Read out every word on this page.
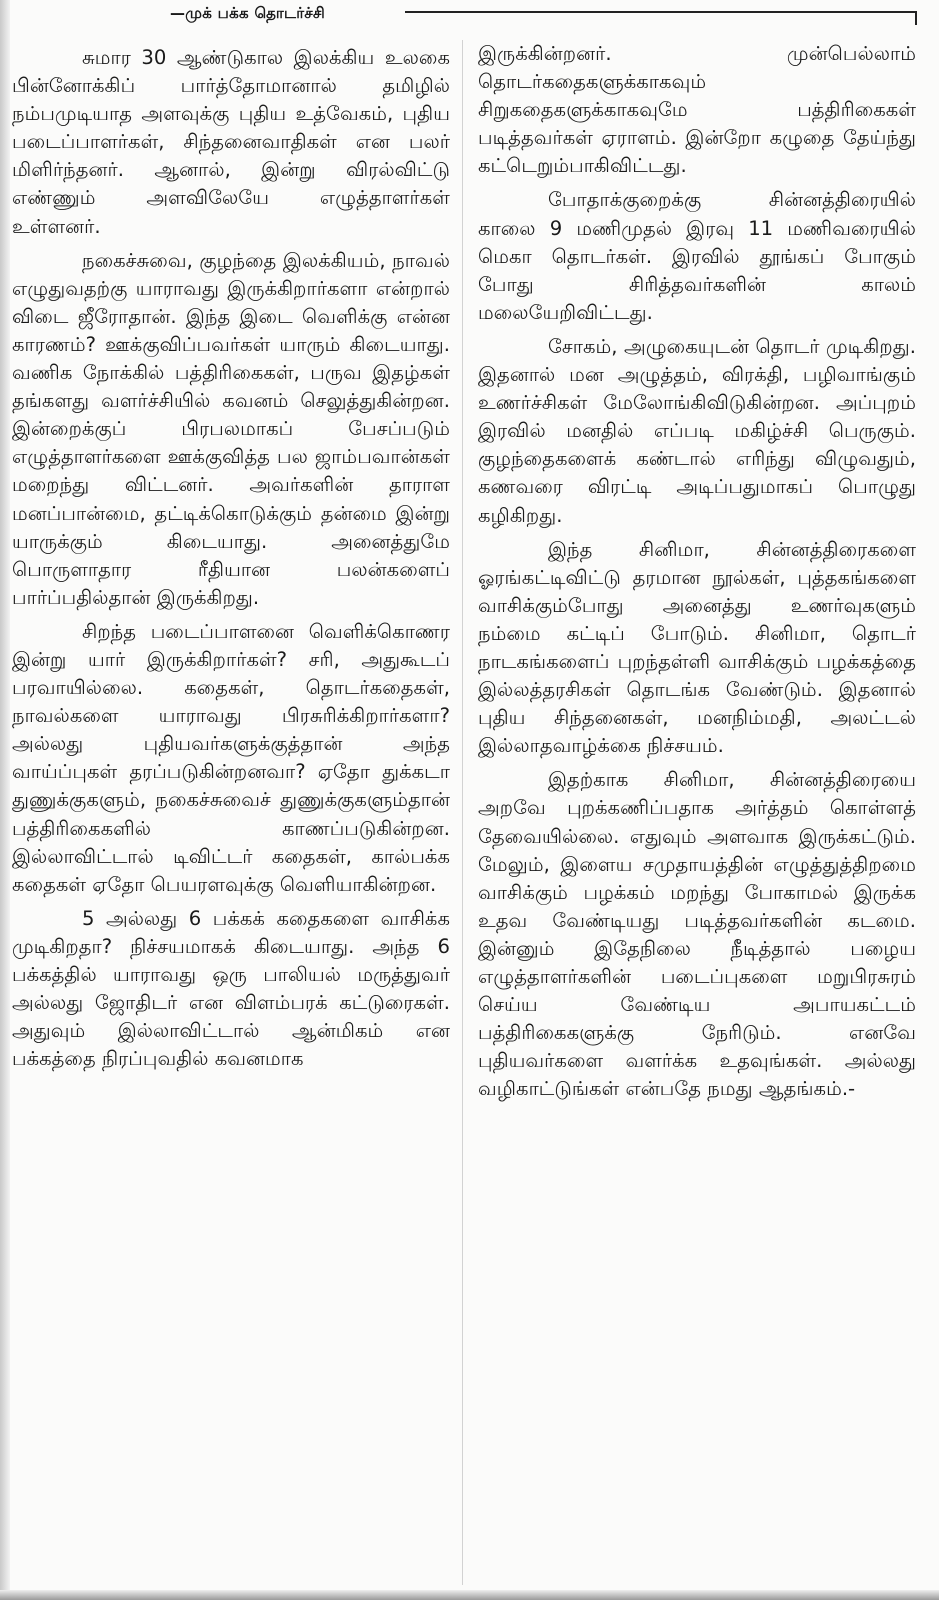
—முக் பக்க தொடர்ச்சி

சுமார 30 ஆண்டுகால இலக்கிய உலகை பின்னோக்கிப் பார்த்தோமானால் தமிழில் நம்பமுடியாத அளவுக்கு புதிய உத்வேகம், புதிய படைப்பாளர்கள், சிந்தனைவாதிகள் என பலர் மிளிர்ந்தனர். ஆனால், இன்று விரல்விட்டு எண்ணும் அளவிலேயே எழுத்தாளர்கள் உள்ளனர்.

நகைச்சுவை, குழந்தை இலக்கியம், நாவல் எழுதுவதற்கு யாராவது இருக்கிறார்களா என்றால் விடை ஜீரோதான். இந்த இடை வெளிக்கு என்ன காரணம்? ஊக்குவிப்பவர்கள் யாரும் கிடையாது. வணிக நோக்கில் பத்திரிகைகள், பருவ இதழ்கள் தங்களது வளர்ச்சியில் கவனம் செலுத்துகின்றன. இன்றைக்குப் பிரபலமாகப் பேசப்படும் எழுத்தாளர்களை ஊக்குவித்த பல ஜாம்பவான்கள் மறைந்து விட்டனர். அவர்களின் தாராள மனப்பான்மை, தட்டிக்கொடுக்கும் தன்மை இன்று யாருக்கும் கிடையாது. அனைத்துமே பொருளாதார ரீதியான பலன்களைப் பார்ப்பதில்தான் இருக்கிறது.

சிறந்த படைப்பாளனை வெளிக்கொணர இன்று யார் இருக்கிறார்கள்? சரி, அதுகூடப் பரவாயில்லை. கதைகள், தொடர்கதைகள், நாவல்களை யாராவது பிரசுரிக்கிறார்களா? அல்லது புதியவர்களுக்குத்தான் அந்த வாய்ப்புகள் தரப்படுகின்றனவா? ஏதோ துக்கடா துணுக்குகளும், நகைச்சுவைச் துணுக்குகளும்தான் பத்திரிகைகளில் காணப்படுகின்றன. இல்லாவிட்டால் டிவிட்டர் கதைகள், கால்பக்க கதைகள் ஏதோ பெயரளவுக்கு வெளியாகின்றன.

5 அல்லது 6 பக்கக் கதைகளை வாசிக்க முடிகிறதா? நிச்சயமாகக் கிடையாது. அந்த 6 பக்கத்தில் யாராவது ஒரு பாலியல் மருத்துவர் அல்லது ஜோதிடர் என விளம்பரக் கட்டுரைகள். அதுவும் இல்லாவிட்டால் ஆன்மிகம் என பக்கத்தை நிரப்புவதில் கவனமாக

இருக்கின்றனர். முன்பெல்லாம் தொடர்கதைகளுக்காகவும் சிறுகதைகளுக்காகவுமே பத்திரிகைகள் படித்தவர்கள் ஏராளம். இன்றோ கழுதை தேய்ந்து கட்டெறும்பாகிவிட்டது.

போதாக்குறைக்கு சின்னத்திரையில் காலை 9 மணிமுதல் இரவு 11 மணிவரையில் மெகா தொடர்கள். இரவில் தூங்கப் போகும் போது சிரித்தவர்களின் காலம் மலையேறிவிட்டது.

சோகம், அழுகையுடன் தொடர் முடிகிறது. இதனால் மன அழுத்தம், விரக்தி, பழிவாங்கும் உணர்ச்சிகள் மேலோங்கிவிடுகின்றன. அப்புறம் இரவில் மனதில் எப்படி மகிழ்ச்சி பெருகும். குழந்தைகளைக் கண்டால் எரிந்து விழுவதும், கணவரை விரட்டி அடிப்பதுமாகப் பொழுது கழிகிறது.

இந்த சினிமா, சின்னத்திரைகளை ஓரங்கட்டிவிட்டு தரமான நூல்கள், புத்தகங்களை வாசிக்கும்போது அனைத்து உணர்வுகளும் நம்மை கட்டிப் போடும். சினிமா, தொடர் நாடகங்களைப் புறந்தள்ளி வாசிக்கும் பழக்கத்தை இல்லத்தரசிகள் தொடங்க வேண்டும். இதனால் புதிய சிந்தனைகள், மனநிம்மதி, அலட்டல் இல்லாதவாழ்க்கை நிச்சயம்.

இதற்காக சினிமா, சின்னத்திரையை அறவே புறக்கணிப்பதாக அர்த்தம் கொள்ளத் தேவையில்லை. எதுவும் அளவாக இருக்கட்டும். மேலும், இளைய சமுதாயத்தின் எழுத்துத்திறமை வாசிக்கும் பழக்கம் மறந்து போகாமல் இருக்க உதவ வேண்டியது படித்தவர்களின் கடமை. இன்னும் இதேநிலை நீடித்தால் பழைய எழுத்தாளர்களின் படைப்புகளை மறுபிரசுரம் செய்ய வேண்டிய அபாயகட்டம் பத்திரிகைகளுக்கு நேரிடும். எனவே புதியவர்களை வளர்க்க உதவுங்கள். அல்லது வழிகாட்டுங்கள் என்பதே நமது ஆதங்கம்.-
